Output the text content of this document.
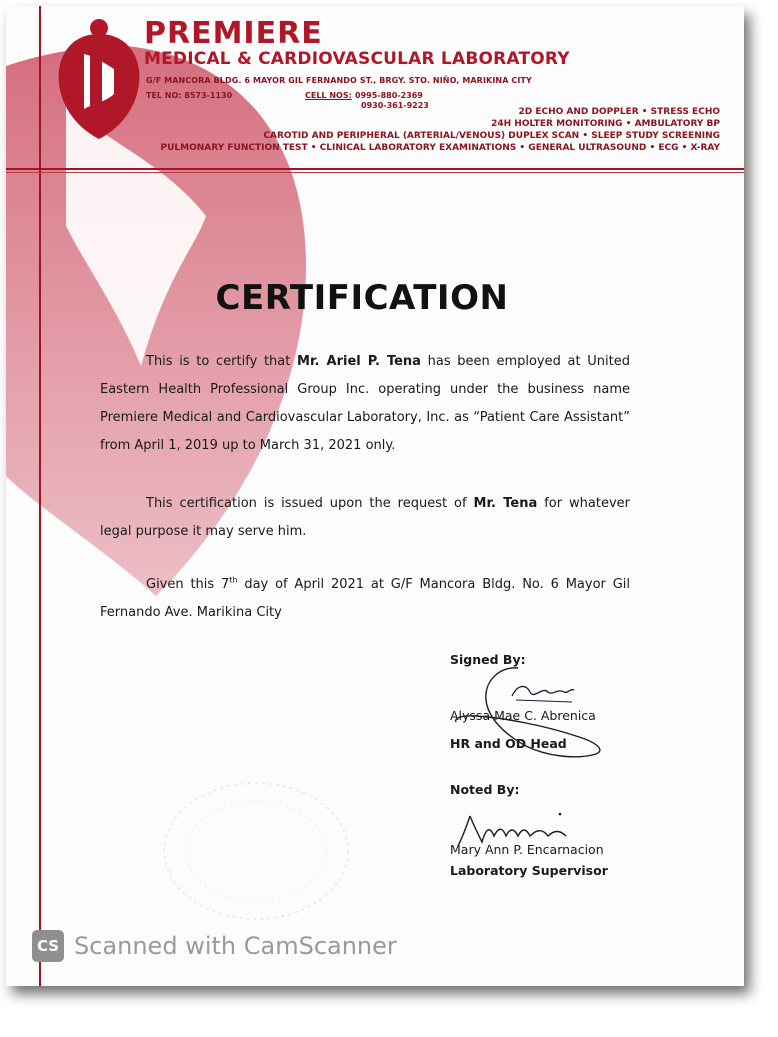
PREMIERE
MEDICAL & CARDIOVASCULAR LABORATORY
G/F MANCORA BLDG. 6 MAYOR GIL FERNANDO ST., BRGY. STO. NIÑO, MARIKINA CITY
TEL NO: 8573-1130	CELL NOS: 0995-880-2369
0930-361-9223
2D ECHO AND DOPPLER • STRESS ECHO
24H HOLTER MONITORING • AMBULATORY BP
CAROTID AND PERIPHERAL (ARTERIAL/VENOUS) DUPLEX SCAN • SLEEP STUDY SCREENING
PULMONARY FUNCTION TEST • CLINICAL LABORATORY EXAMINATIONS • GENERAL ULTRASOUND • ECG • X-RAY
CERTIFICATION
This is to certify that Mr. Ariel P. Tena has been employed at United Eastern Health Professional Group Inc. operating under the business name Premiere Medical and Cardiovascular Laboratory, Inc. as “Patient Care Assistant” from April 1, 2019 up to March 31, 2021 only.
This certification is issued upon the request of Mr. Tena for whatever legal purpose it may serve him.
Given this 7th day of April 2021 at G/F Mancora Bldg. No. 6 Mayor Gil Fernando Ave. Marikina City
Signed By:
Alyssa Mae C. Abrenica
HR and OD Head
Noted By:
Mary Ann P. Encarnacion
Laboratory Supervisor
CS Scanned with CamScanner
